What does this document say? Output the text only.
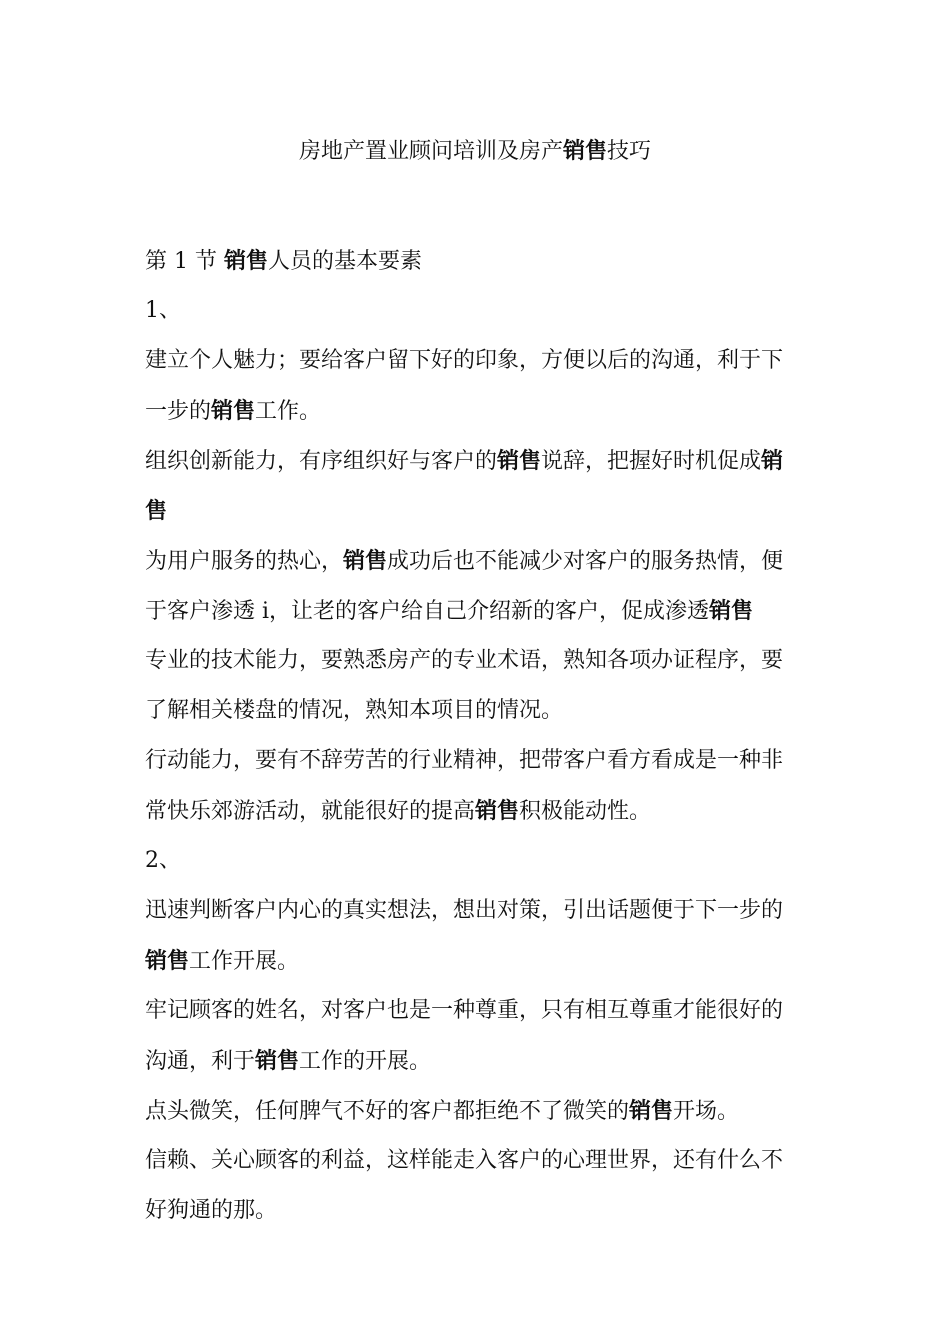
房地产置业顾问培训及房产销售技巧
第 1 节 销售人员的基本要素
1、
建立个人魅力；要给客户留下好的印象，方便以后的沟通，利于下
一步的销售工作。
组织创新能力，有序组织好与客户的销售说辞，把握好时机促成销
售
为用户服务的热心，销售成功后也不能减少对客户的服务热情，便
于客户渗透 i，让老的客户给自己介绍新的客户，促成渗透销售
专业的技术能力，要熟悉房产的专业术语，熟知各项办证程序，要
了解相关楼盘的情况，熟知本项目的情况。
行动能力，要有不辞劳苦的行业精神，把带客户看方看成是一种非
常快乐郊游活动，就能很好的提高销售积极能动性。
2、
迅速判断客户内心的真实想法，想出对策，引出话题便于下一步的
销售工作开展。
牢记顾客的姓名，对客户也是一种尊重，只有相互尊重才能很好的
沟通，利于销售工作的开展。
点头微笑，任何脾气不好的客户都拒绝不了微笑的销售开场。
信赖、关心顾客的利益，这样能走入客户的心理世界，还有什么不
好狗通的那。
